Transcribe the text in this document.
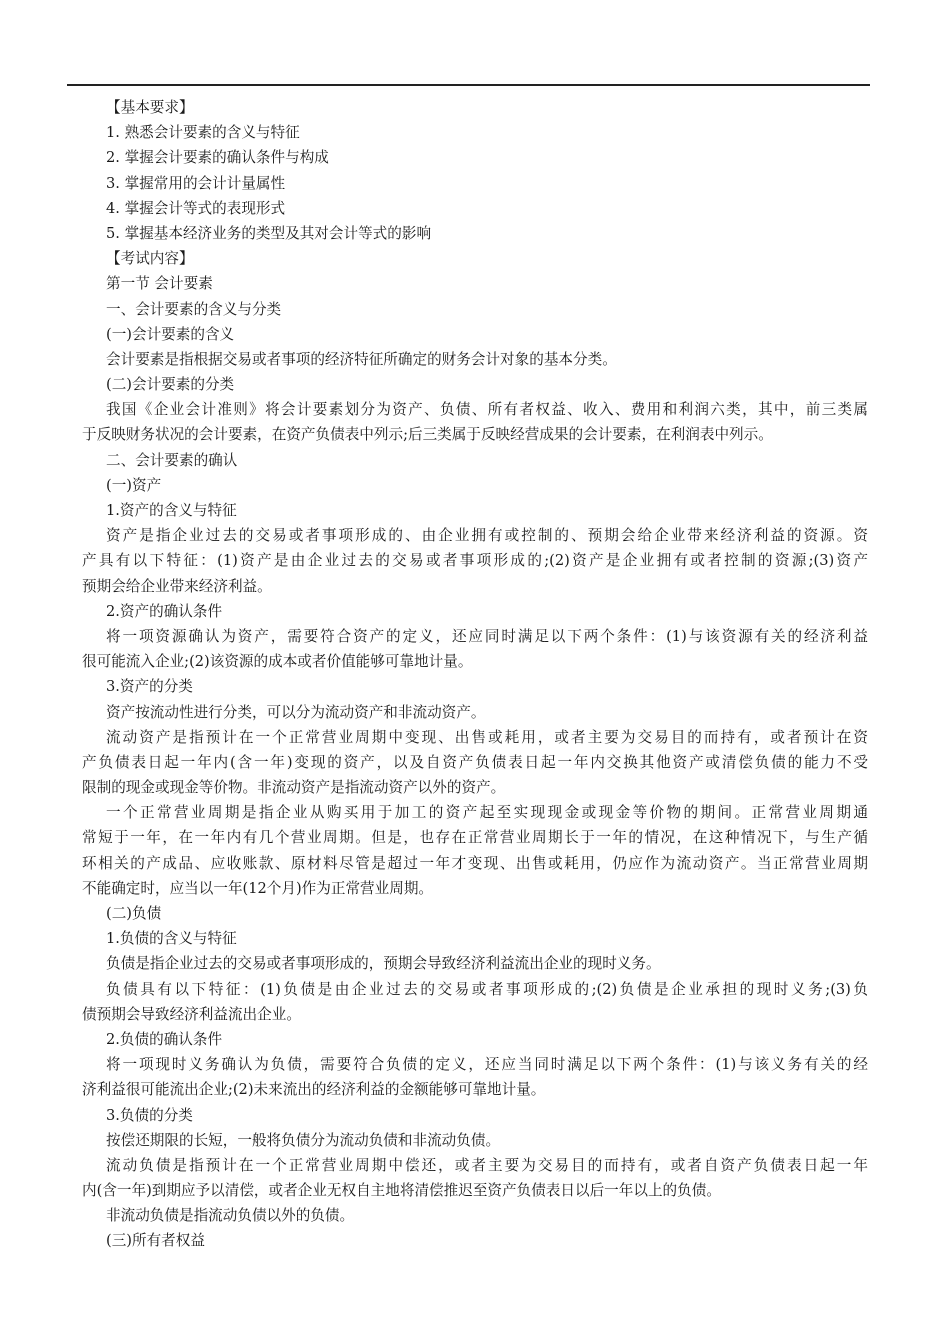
【基本要求】
1. 熟悉会计要素的含义与特征
2. 掌握会计要素的确认条件与构成
3. 掌握常用的会计计量属性
4. 掌握会计等式的表现形式
5. 掌握基本经济业务的类型及其对会计等式的影响
【考试内容】
第一节 会计要素
一、会计要素的含义与分类
(一)会计要素的含义
会计要素是指根据交易或者事项的经济特征所确定的财务会计对象的基本分类。
(二)会计要素的分类
我国《企业会计准则》将会计要素划分为资产、负债、所有者权益、收入、费用和利润六类，其中，前三类属
于反映财务状况的会计要素，在资产负债表中列示;后三类属于反映经营成果的会计要素，在利润表中列示。
二、会计要素的确认
(一)资产
1.资产的含义与特征
资产是指企业过去的交易或者事项形成的、由企业拥有或控制的、预期会给企业带来经济利益的资源。资
产具有以下特征：(1)资产是由企业过去的交易或者事项形成的;(2)资产是企业拥有或者控制的资源;(3)资产
预期会给企业带来经济利益。
2.资产的确认条件
将一项资源确认为资产，需要符合资产的定义，还应同时满足以下两个条件：(1)与该资源有关的经济利益
很可能流入企业;(2)该资源的成本或者价值能够可靠地计量。
3.资产的分类
资产按流动性进行分类，可以分为流动资产和非流动资产。
流动资产是指预计在一个正常营业周期中变现、出售或耗用，或者主要为交易目的而持有，或者预计在资
产负债表日起一年内(含一年)变现的资产，以及自资产负债表日起一年内交换其他资产或清偿负债的能力不受
限制的现金或现金等价物。非流动资产是指流动资产以外的资产。
一个正常营业周期是指企业从购买用于加工的资产起至实现现金或现金等价物的期间。正常营业周期通
常短于一年，在一年内有几个营业周期。但是，也存在正常营业周期长于一年的情况，在这种情况下，与生产循
环相关的产成品、应收账款、原材料尽管是超过一年才变现、出售或耗用，仍应作为流动资产。当正常营业周期
不能确定时，应当以一年(12个月)作为正常营业周期。
(二)负债
1.负债的含义与特征
负债是指企业过去的交易或者事项形成的，预期会导致经济利益流出企业的现时义务。
负债具有以下特征：(1)负债是由企业过去的交易或者事项形成的;(2)负债是企业承担的现时义务;(3)负
债预期会导致经济利益流出企业。
2.负债的确认条件
将一项现时义务确认为负债，需要符合负债的定义，还应当同时满足以下两个条件：(1)与该义务有关的经
济利益很可能流出企业;(2)未来流出的经济利益的金额能够可靠地计量。
3.负债的分类
按偿还期限的长短，一般将负债分为流动负债和非流动负债。
流动负债是指预计在一个正常营业周期中偿还，或者主要为交易目的而持有，或者自资产负债表日起一年
内(含一年)到期应予以清偿，或者企业无权自主地将清偿推迟至资产负债表日以后一年以上的负债。
非流动负债是指流动负债以外的负债。
(三)所有者权益
